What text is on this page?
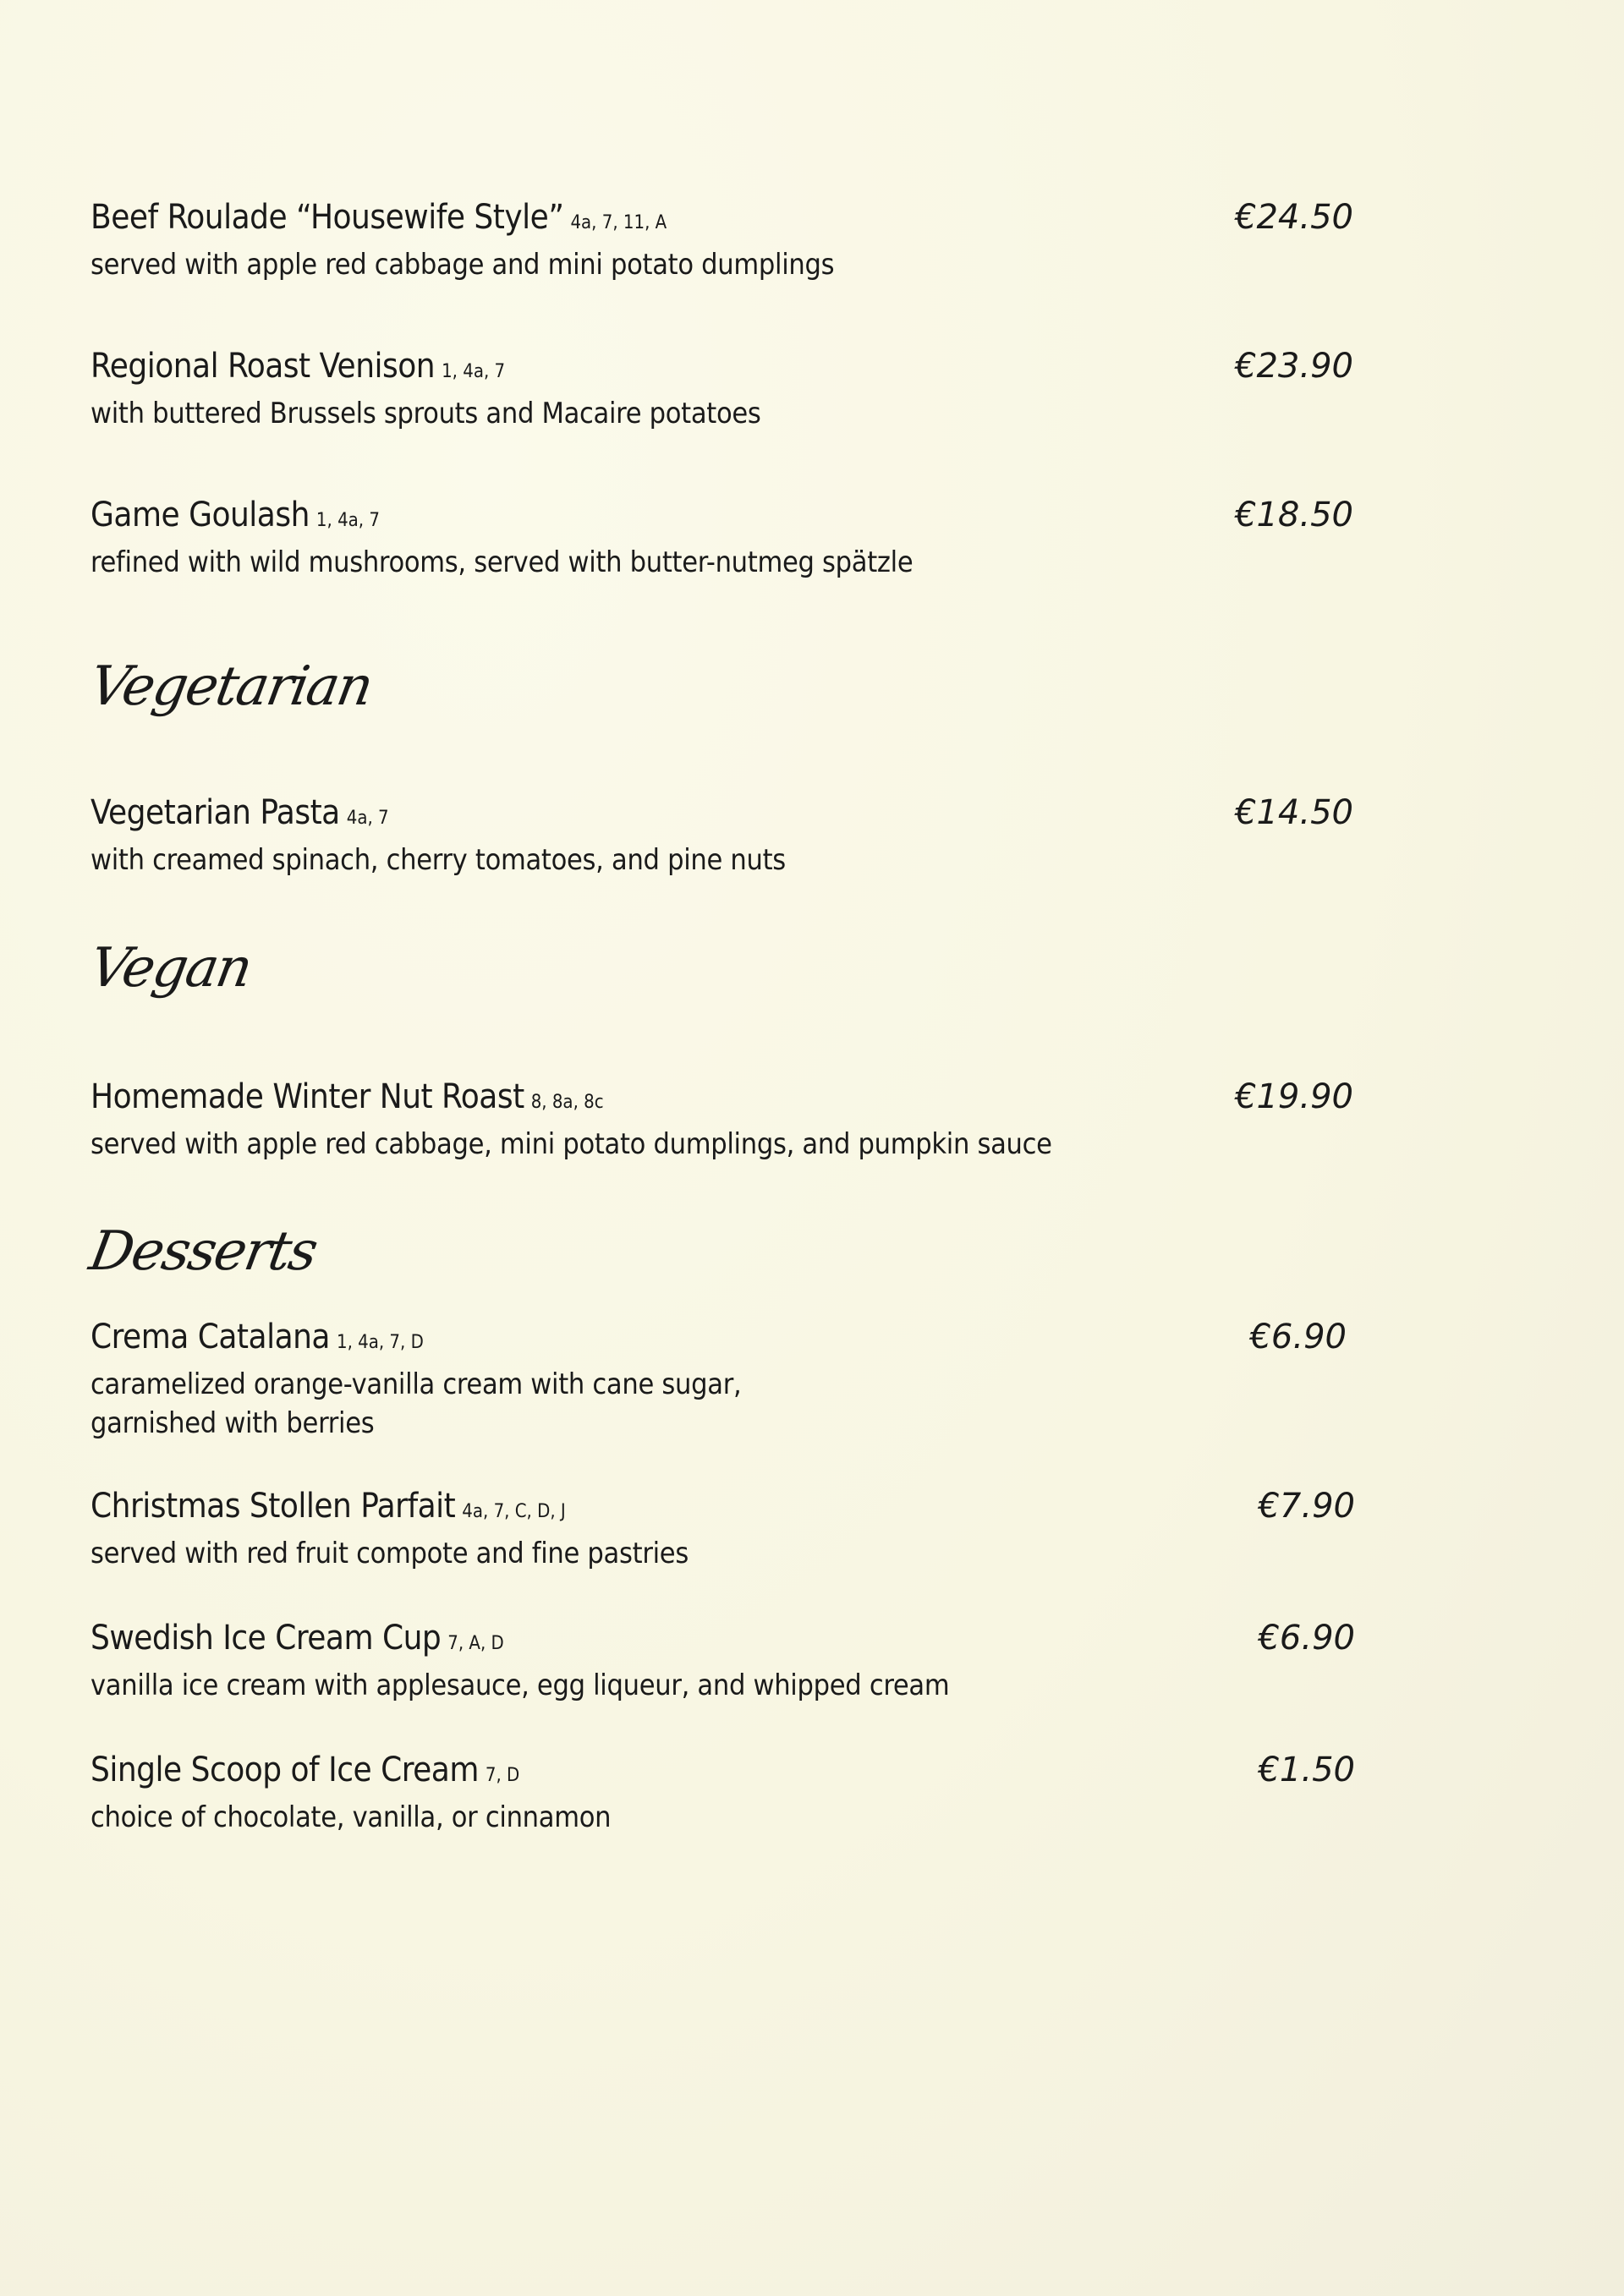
Beef Roulade “Housewife Style” 4a, 7, 11, A
served with apple red cabbage and mini potato dumplings
€24.50
Regional Roast Venison 1, 4a, 7
with buttered Brussels sprouts and Macaire potatoes
€23.90
Game Goulash 1, 4a, 7
refined with wild mushrooms, served with butter-nutmeg spätzle
€18.50
Vegetarian
Vegetarian Pasta 4a, 7
with creamed spinach, cherry tomatoes, and pine nuts
€14.50
Vegan
Homemade Winter Nut Roast 8, 8a, 8c
served with apple red cabbage, mini potato dumplings, and pumpkin sauce
€19.90
Desserts
Crema Catalana 1, 4a, 7, D
caramelized orange-vanilla cream with cane sugar,
garnished with berries
€6.90
Christmas Stollen Parfait 4a, 7, C, D, J
served with red fruit compote and fine pastries
€7.90
Swedish Ice Cream Cup 7, A, D
vanilla ice cream with applesauce, egg liqueur, and whipped cream
€6.90
Single Scoop of Ice Cream 7, D
choice of chocolate, vanilla, or cinnamon
€1.50
